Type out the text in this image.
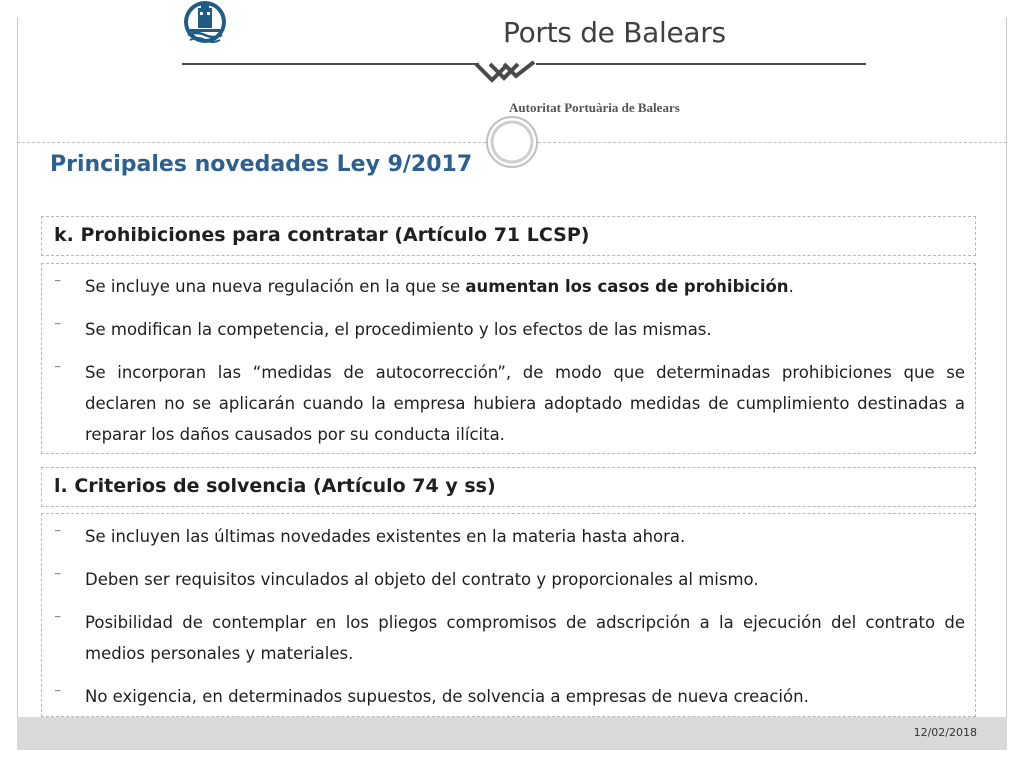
Ports de Balears
Autoritat Portuària de Balears
Principales novedades Ley 9/2017
k. Prohibiciones para contratar (Artículo 71 LCSP)
⁻ Se incluye una nueva regulación en la que se aumentan los casos de prohibición.
⁻ Se modifican la competencia, el procedimiento y los efectos de las mismas.
⁻ Se incorporan las “medidas de autocorrección”, de modo que determinadas prohibiciones que se declaren no se aplicarán cuando la empresa hubiera adoptado medidas de cumplimiento destinadas a reparar los daños causados por su conducta ilícita.
l. Criterios de solvencia (Artículo 74 y ss)
⁻ Se incluyen las últimas novedades existentes en la materia hasta ahora.
⁻ Deben ser requisitos vinculados al objeto del contrato y proporcionales al mismo.
⁻ Posibilidad de contemplar en los pliegos compromisos de adscripción a la ejecución del contrato de medios personales y materiales.
⁻ No exigencia, en determinados supuestos, de solvencia a empresas de nueva creación.
12/02/2018
